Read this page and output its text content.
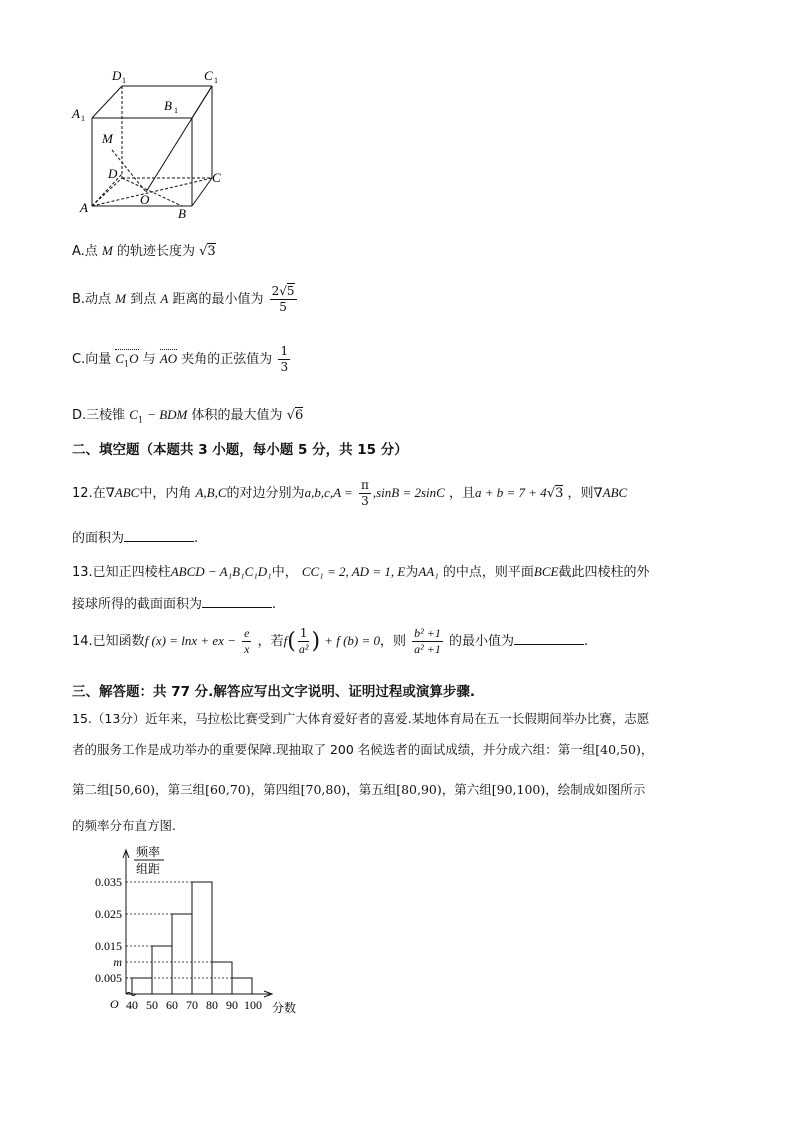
D 1	C 1
A 1
B 1
M
D	C
A
O
B
A.点 M 的轨迹长度为 √3
B.动点 M 到点 A 距离的最小值为 $\frac{2√5}{5}$
C.向量 $C_1O$ 与 AO 夹角的正弦值为 $\frac{1}{3}$
D.三棱锥 $C_1$ − BDM 体积的最大值为 √6
二、填空题（本题共 3 小题，每小题 5 分，共 15 分）
12.在∇ABC中，内角 A,B,C的对边分别为$a,b,c,A = \frac{\pi}{3} ,\sin B = 2\sin C$ ，且a + b = 7 + 4√3 ，则∇ABC
的面积为	.
13.已知正四棱柱ABCD − A₁B₁C₁D₁中， CC₁ = 2, AD = 1, E为AA₁ 的中点，则平面BCE截此四棱柱的外
接球所得的截面面积为	.
14.已知函数f (x) = lnx + ex − $\frac{e}{x}$ ，若$f( \frac{1}{\text{a²}}$ ) + f (b) = 0，则 $\frac{\text{b² +1}}{\text{a² +1}}$ 的最小值为	.
三、解答题：共 77 分.解答应写出文字说明、证明过程或演算步骤.
15.（13分）近年来，马拉松比赛受到广大体育爱好者的喜爱.某地体育局在五一长假期间举办比赛，志愿
者的服务工作是成功举办的重要保障.现抽取了 200 名候选者的面试成绩，并分成六组：第一组[40,50)，
第二组[50,60)，第三组[60,70)，第四组[70,80)，第五组[80,90)，第六组[90,100)，绘制成如图所示
的频率分布直方图.
频率
组距
0.035
0.025
0.015
m
0.005
40 50 60 70 80 90 100
O	分数
